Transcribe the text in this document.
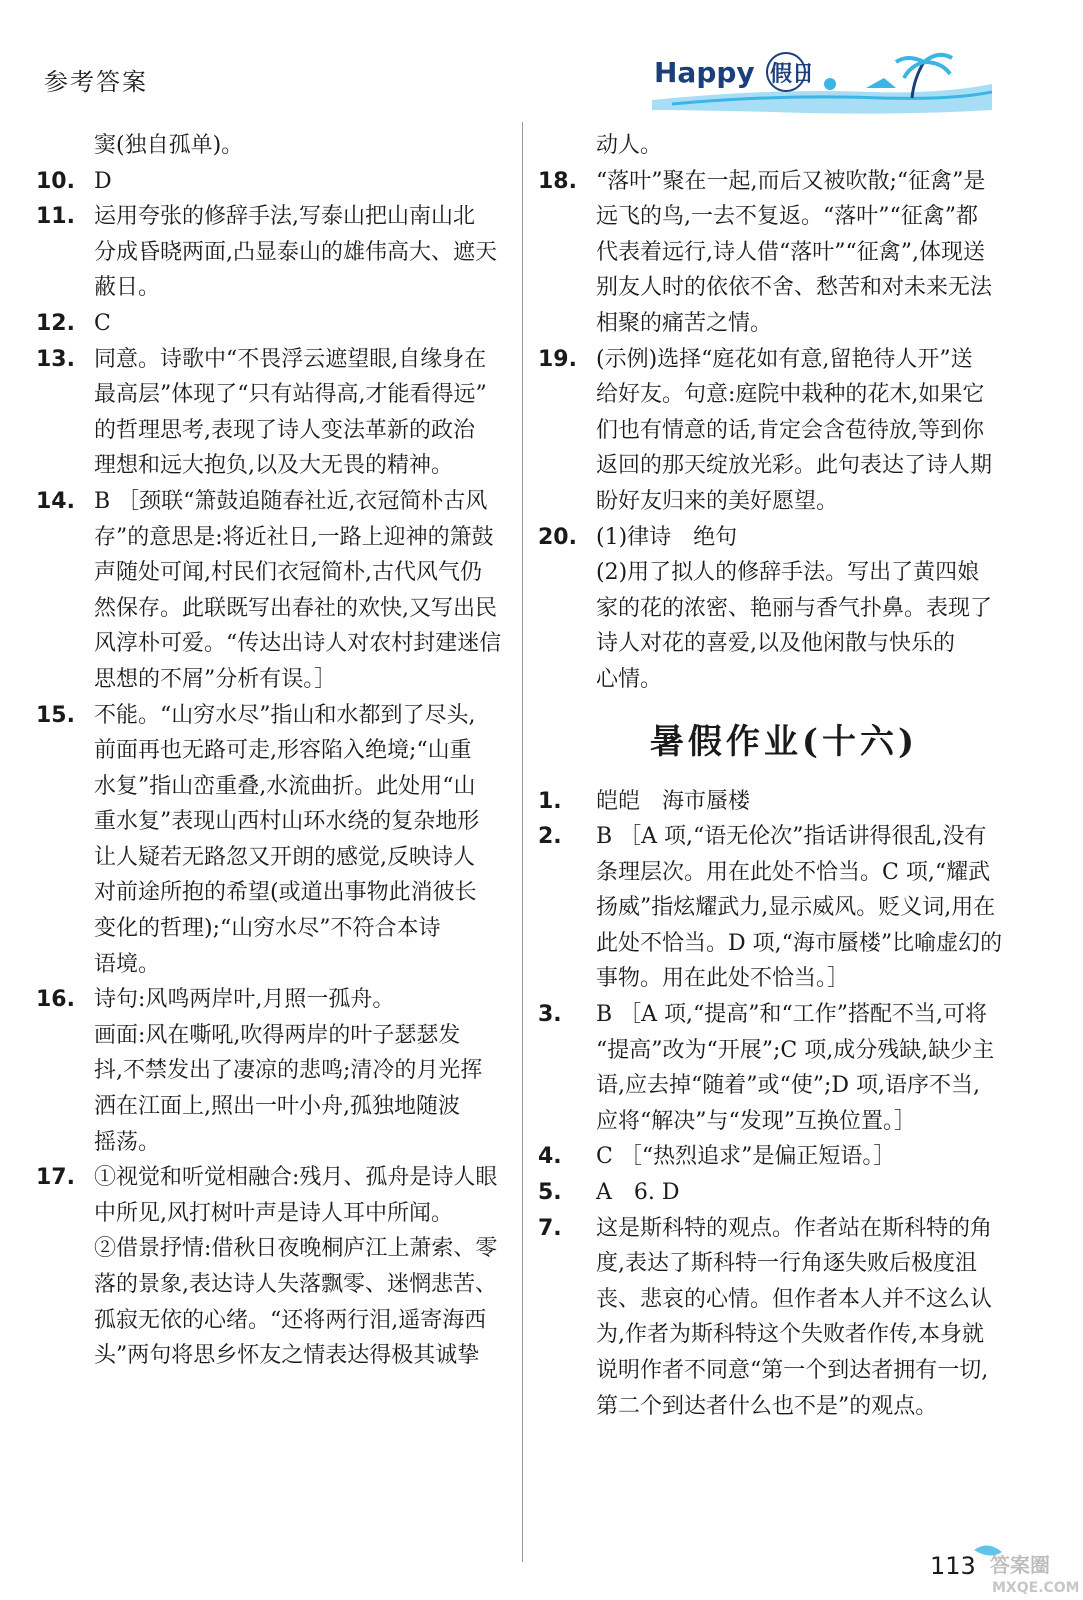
参考答案	Happy 假日
窦(独自孤单)。
10. D
11. 运用夸张的修辞手法,写泰山把山南山北
分成昏晓两面,凸显泰山的雄伟高大、遮天
蔽日。
12. C
13. 同意。诗歌中“不畏浮云遮望眼,自缘身在
最高层”体现了“只有站得高,才能看得远”
的哲理思考,表现了诗人变法革新的政治
理想和远大抱负,以及大无畏的精神。
14. B ［颈联“箫鼓追随春社近,衣冠简朴古风
存”的意思是:将近社日,一路上迎神的箫鼓
声随处可闻,村民们衣冠简朴,古代风气仍
然保存。此联既写出春社的欢快,又写出民
风淳朴可爱。“传达出诗人对农村封建迷信
思想的不屑”分析有误。］
15. 不能。“山穷水尽”指山和水都到了尽头,
前面再也无路可走,形容陷入绝境;“山重
水复”指山峦重叠,水流曲折。此处用“山
重水复”表现山西村山环水绕的复杂地形
让人疑若无路忽又开朗的感觉,反映诗人
对前途所抱的希望(或道出事物此消彼长
变化的哲理);“山穷水尽”不符合本诗
语境。
16. 诗句:风鸣两岸叶,月照一孤舟。
画面:风在嘶吼,吹得两岸的叶子瑟瑟发
抖,不禁发出了凄凉的悲鸣;清冷的月光挥
洒在江面上,照出一叶小舟,孤独地随波
摇荡。
17. ①视觉和听觉相融合:残月、孤舟是诗人眼
中所见,风打树叶声是诗人耳中所闻。
②借景抒情:借秋日夜晚桐庐江上萧索、零
落的景象,表达诗人失落飘零、迷惘悲苦、
孤寂无依的心绪。“还将两行泪,遥寄海西
头”两句将思乡怀友之情表达得极其诚挚
动人。
18. “落叶”聚在一起,而后又被吹散;“征禽”是
远飞的鸟,一去不复返。“落叶”“征禽”都
代表着远行,诗人借“落叶”“征禽”,体现送
别友人时的依依不舍、愁苦和对未来无法
相聚的痛苦之情。
19. (示例)选择“庭花如有意,留艳待人开”送
给好友。句意:庭院中栽种的花木,如果它
们也有情意的话,肯定会含苞待放,等到你
返回的那天绽放光彩。此句表达了诗人期
盼好友归来的美好愿望。
20. (1)律诗　绝句
(2)用了拟人的修辞手法。写出了黄四娘
家的花的浓密、艳丽与香气扑鼻。表现了
诗人对花的喜爱,以及他闲散与快乐的
心情。
暑假作业(十六)
1. 皑皑　海市蜃楼
2. B ［A 项,“语无伦次”指话讲得很乱,没有
条理层次。用在此处不恰当。C 项,“耀武
扬威”指炫耀武力,显示威风。贬义词,用在
此处不恰当。D 项,“海市蜃楼”比喻虚幻的
事物。用在此处不恰当。］
3. B ［A 项,“提高”和“工作”搭配不当,可将
“提高”改为“开展”;C 项,成分残缺,缺少主
语,应去掉“随着”或“使”;D 项,语序不当,
应将“解决”与“发现”互换位置。］
4. C ［“热烈追求”是偏正短语。］
5. A　6. D
7. 这是斯科特的观点。作者站在斯科特的角
度,表达了斯科特一行角逐失败后极度沮
丧、悲哀的心情。但作者本人并不这么认
为,作者为斯科特这个失败者作传,本身就
说明作者不同意“第一个到达者拥有一切,
第二个到达者什么也不是”的观点。
113 答案圈
MXQE.COM
